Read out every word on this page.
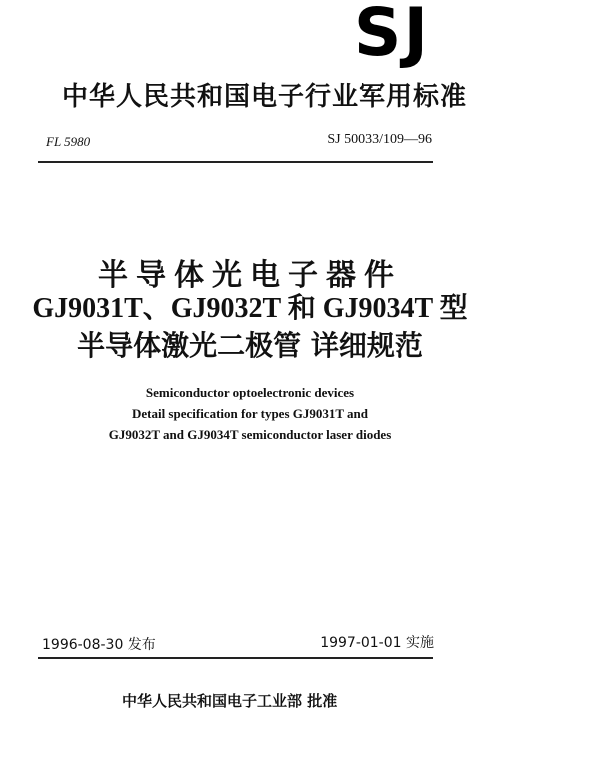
SJ
中华人民共和国电子行业军用标准
FL 5980	SJ 50033/109—96
半导体光电子器件
GJ9031T、GJ9032T 和 GJ9034T 型
半导体激光二极管 详细规范
Semiconductor optoelectronic devices
Detail specification for types GJ9031T and
GJ9032T and GJ9034T semiconductor laser diodes
1996-08-30 发布	1997-01-01 实施
中华人民共和国电子工业部 批准
